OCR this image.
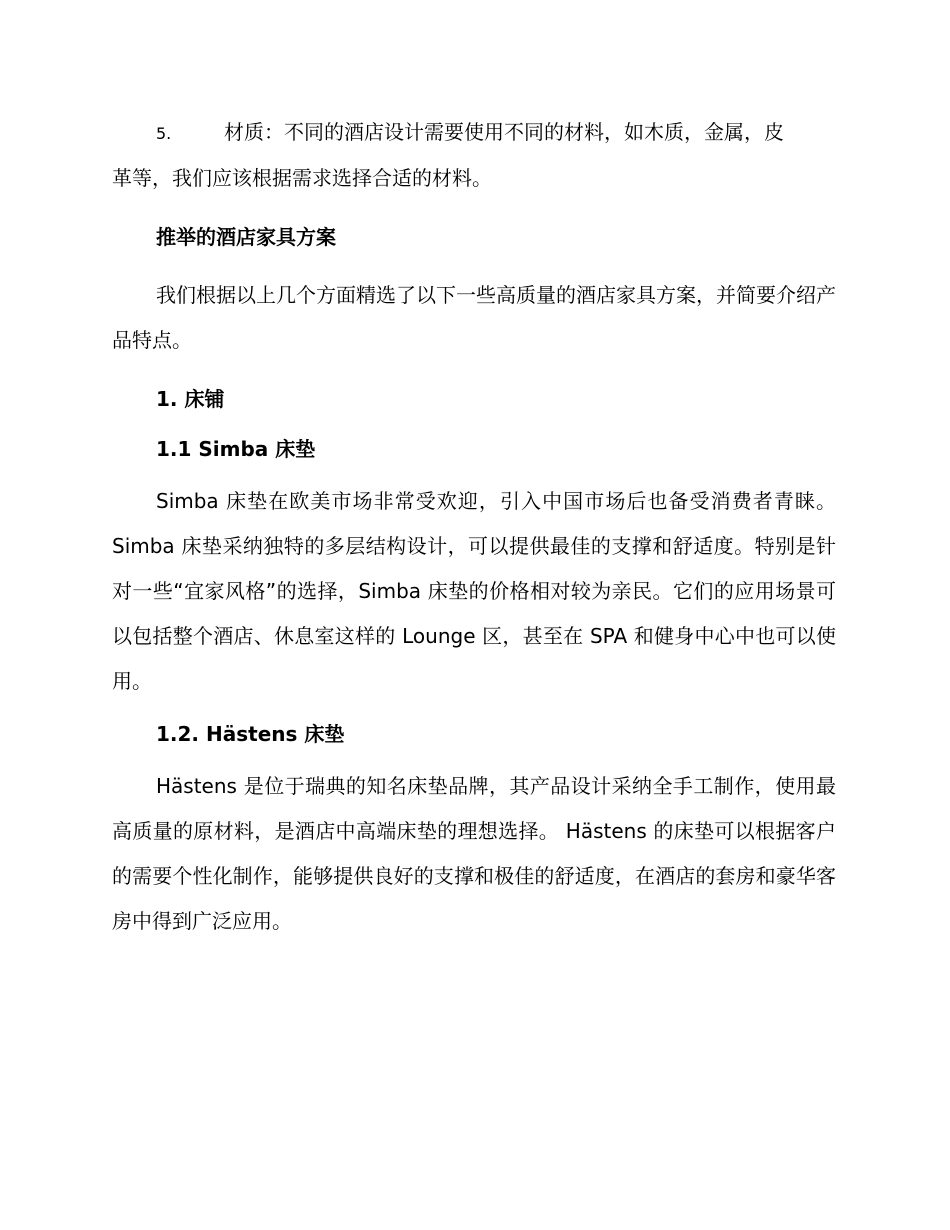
5.	材质：不同的酒店设计需要使用不同的材料，如木质，金属，皮

革等，我们应该根据需求选择合适的材料。

推举的酒店家具方案

我们根据以上几个方面精选了以下一些高质量的酒店家具方案，并简要介绍产品特点。

1. 床铺

1.1 Simba 床垫

Simba 床垫在欧美市场非常受欢迎，引入中国市场后也备受消费者青睐。Simba 床垫采纳独特的多层结构设计，可以提供最佳的支撑和舒适度。特别是针对一些“宜家风格”的选择，Simba 床垫的价格相对较为亲民。它们的应用场景可以包括整个酒店、休息室这样的 Lounge 区，甚至在 SPA 和健身中心中也可以使用。

1.2. Hästens 床垫

Hästens 是位于瑞典的知名床垫品牌，其产品设计采纳全手工制作，使用最高质量的原材料，是酒店中高端床垫的理想选择。 Hästens 的床垫可以根据客户的需要个性化制作，能够提供良好的支撑和极佳的舒适度，在酒店的套房和豪华客房中得到广泛应用。
